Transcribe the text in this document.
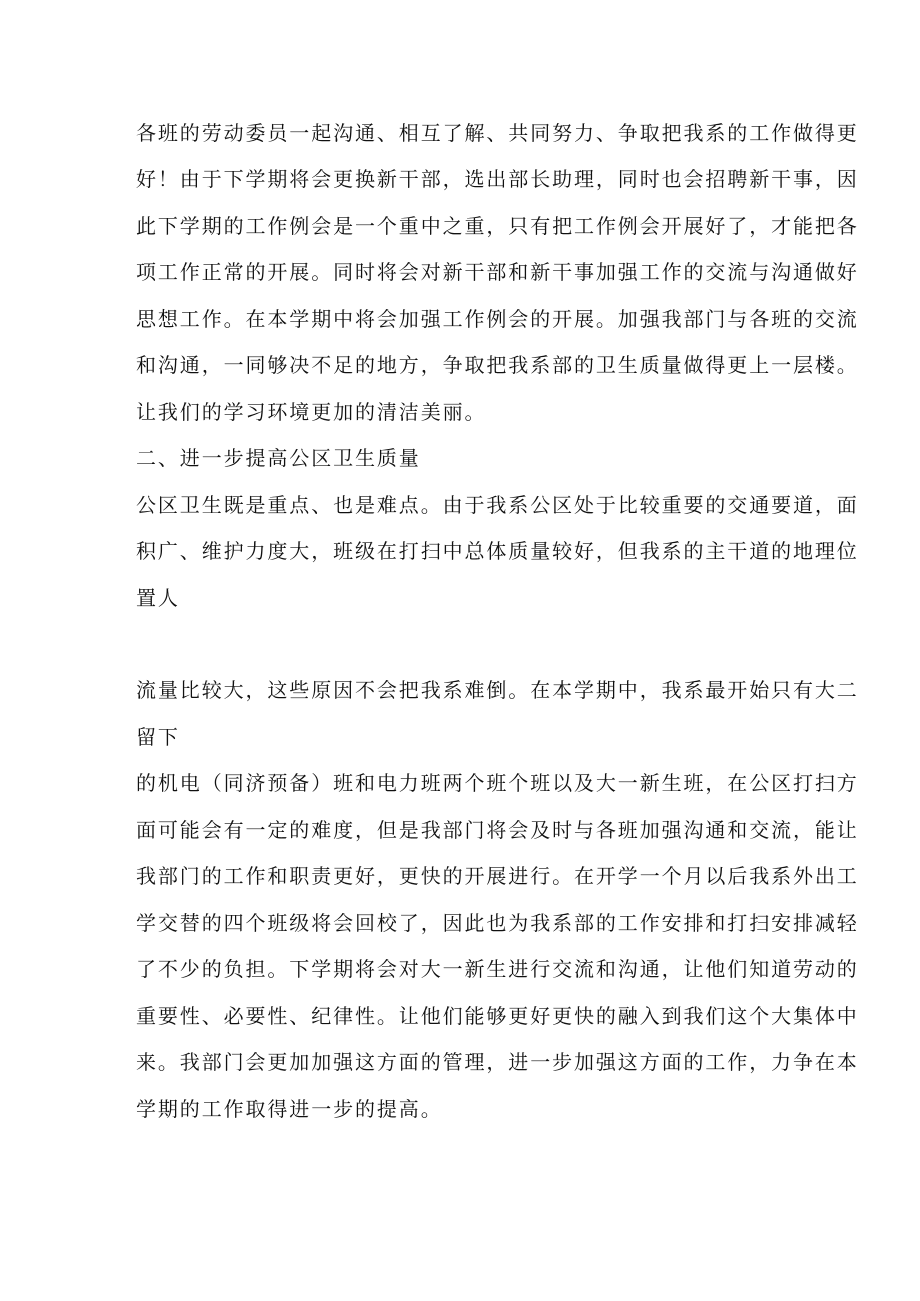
各班的劳动委员一起沟通、相互了解、共同努力、争取把我系的工作做得更
好！由于下学期将会更换新干部，选出部长助理，同时也会招聘新干事，因
此下学期的工作例会是一个重中之重，只有把工作例会开展好了，才能把各
项工作正常的开展。同时将会对新干部和新干事加强工作的交流与沟通做好
思想工作。在本学期中将会加强工作例会的开展。加强我部门与各班的交流
和沟通，一同够决不足的地方，争取把我系部的卫生质量做得更上一层楼。
让我们的学习环境更加的清洁美丽。
二、进一步提高公区卫生质量
公区卫生既是重点、也是难点。由于我系公区处于比较重要的交通要道，面
积广、维护力度大，班级在打扫中总体质量较好，但我系的主干道的地理位
置人
流量比较大，这些原因不会把我系难倒。在本学期中，我系最开始只有大二
留下
的机电（同济预备）班和电力班两个班个班以及大一新生班，在公区打扫方
面可能会有一定的难度，但是我部门将会及时与各班加强沟通和交流，能让
我部门的工作和职责更好，更快的开展进行。在开学一个月以后我系外出工
学交替的四个班级将会回校了，因此也为我系部的工作安排和打扫安排减轻
了不少的负担。下学期将会对大一新生进行交流和沟通，让他们知道劳动的
重要性、必要性、纪律性。让他们能够更好更快的融入到我们这个大集体中
来。我部门会更加加强这方面的管理，进一步加强这方面的工作，力争在本
学期的工作取得进一步的提高。
